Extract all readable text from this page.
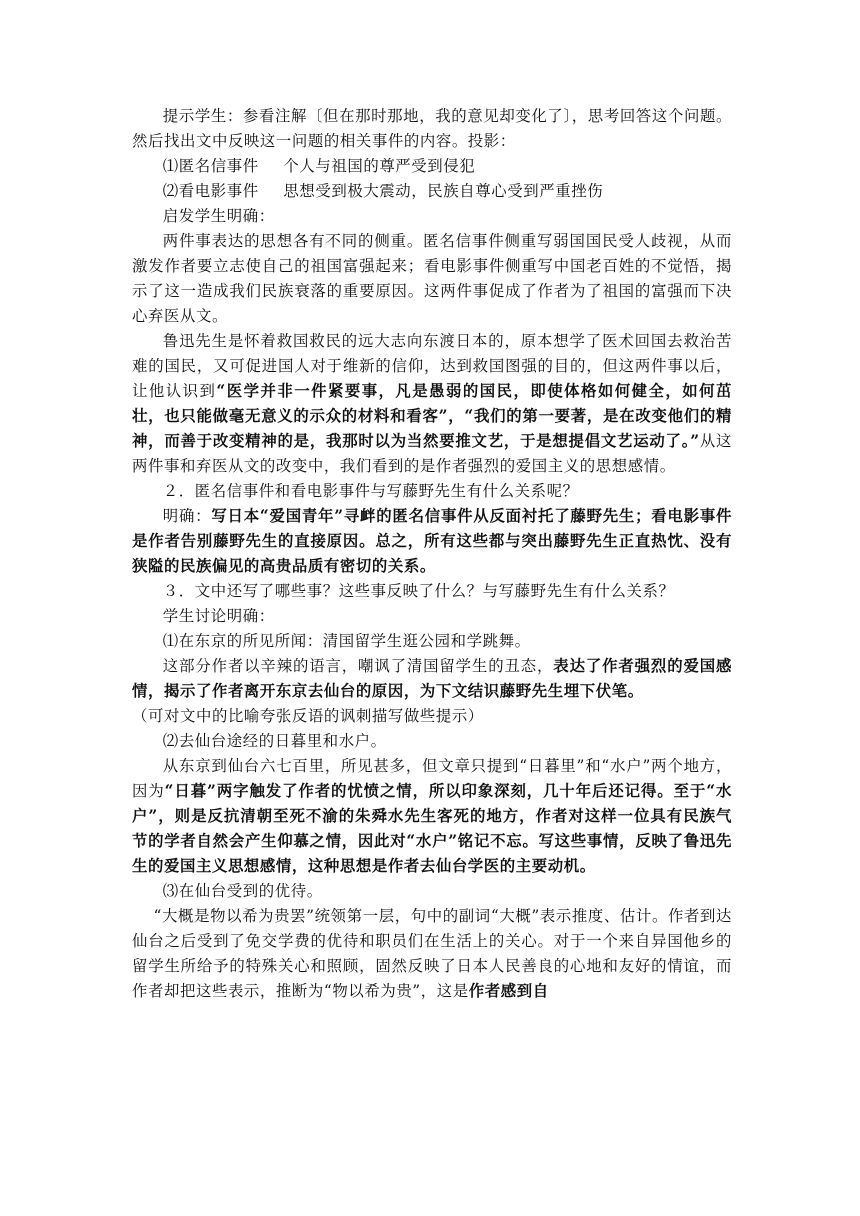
提示学生：参看注解〔但在那时那地，我的意见却变化了〕，思考回答这个问题。然后找出文中反映这一问题的相关事件的内容。投影：

⑴匿名信事件 个人与祖国的尊严受到侵犯

⑵看电影事件 思想受到极大震动，民族自尊心受到严重挫伤

启发学生明确：

两件事表达的思想各有不同的侧重。匿名信事件侧重写弱国国民受人歧视，从而激发作者要立志使自己的祖国富强起来；看电影事件侧重写中国老百姓的不觉悟，揭示了这一造成我们民族衰落的重要原因。这两件事促成了作者为了祖国的富强而下决心弃医从文。

鲁迅先生是怀着救国救民的远大志向东渡日本的，原本想学了医术回国去救治苦难的国民，又可促进国人对于维新的信仰，达到救国图强的目的，但这两件事以后，让他认识到“医学并非一件紧要事，凡是愚弱的国民，即使体格如何健全，如何茁壮，也只能做毫无意义的示众的材料和看客”，“我们的第一要著，是在改变他们的精神，而善于改变精神的是，我那时以为当然要推文艺，于是想提倡文艺运动了。”从这两件事和弃医从文的改变中，我们看到的是作者强烈的爱国主义的思想感情。

２．匿名信事件和看电影事件与写藤野先生有什么关系呢？

明确：写日本“爱国青年”寻衅的匿名信事件从反面衬托了藤野先生；看电影事件是作者告别藤野先生的直接原因。总之，所有这些都与突出藤野先生正直热忱、没有狭隘的民族偏见的高贵品质有密切的关系。

３．文中还写了哪些事？这些事反映了什么？与写藤野先生有什么关系？

学生讨论明确：

⑴在东京的所见所闻：清国留学生逛公园和学跳舞。

这部分作者以辛辣的语言，嘲讽了清国留学生的丑态，表达了作者强烈的爱国感情，揭示了作者离开东京去仙台的原因，为下文结识藤野先生埋下伏笔。

（可对文中的比喻夸张反语的讽刺描写做些提示）

⑵去仙台途经的日暮里和水户。

从东京到仙台六七百里，所见甚多，但文章只提到“日暮里”和“水户”两个地方，因为“日暮”两字触发了作者的忧愤之情，所以印象深刻，几十年后还记得。至于“水户”，则是反抗清朝至死不渝的朱舜水先生客死的地方，作者对这样一位具有民族气节的学者自然会产生仰慕之情，因此对“水户”铭记不忘。写这些事情，反映了鲁迅先生的爱国主义思想感情，这种思想是作者去仙台学医的主要动机。

⑶在仙台受到的优待。

“大概是物以希为贵罢”统领第一层，句中的副词“大概”表示推度、估计。作者到达仙台之后受到了免交学费的优待和职员们在生活上的关心。对于一个来自异国他乡的留学生所给予的特殊关心和照顾，固然反映了日本人民善良的心地和友好的情谊，而作者却把这些表示，推断为“物以希为贵”，这是作者感到自
